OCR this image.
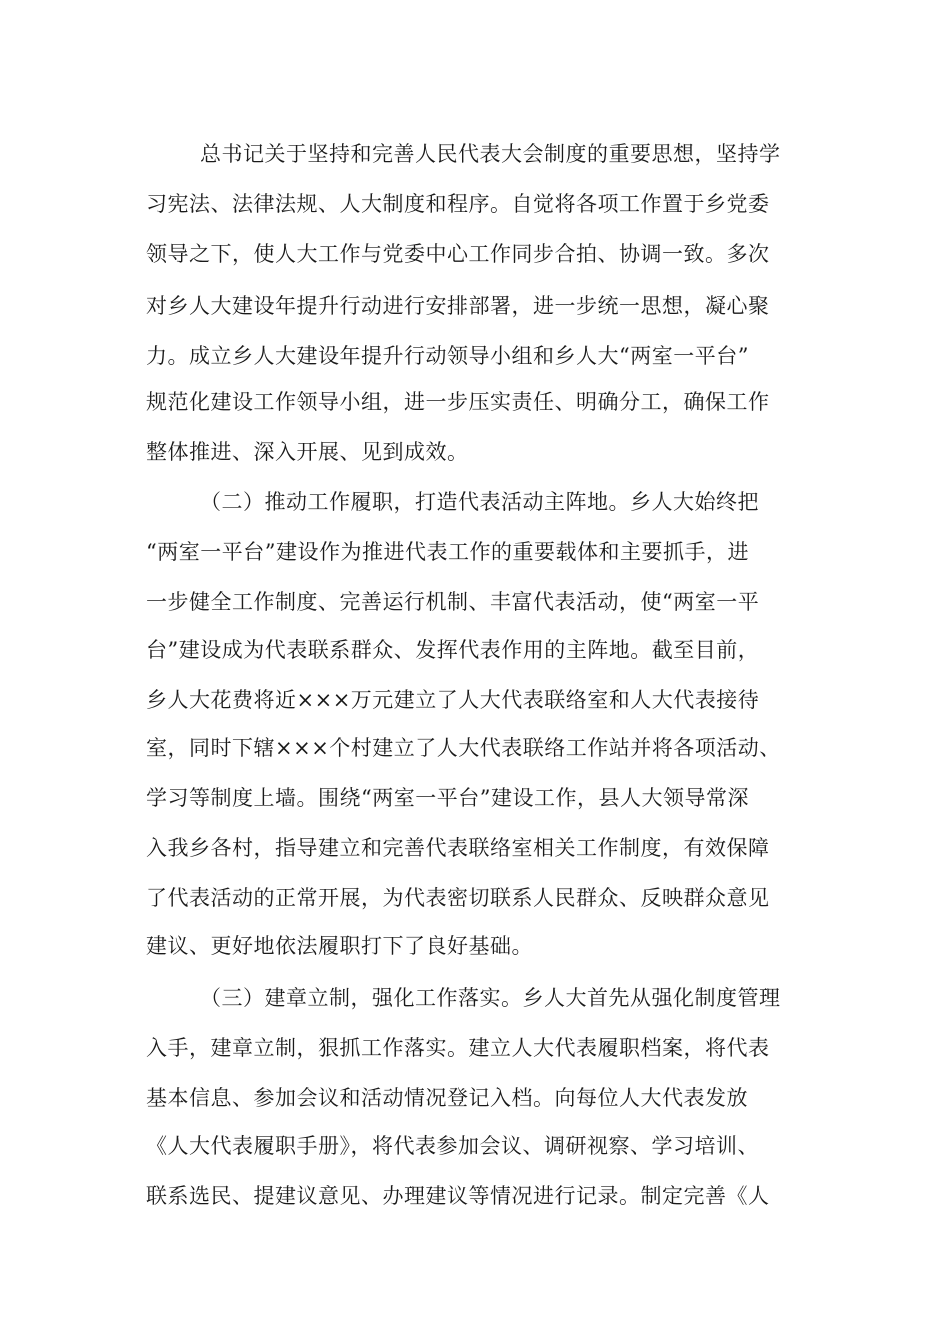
总书记关于坚持和完善人民代表大会制度的重要思想，坚持学
习宪法、法律法规、人大制度和程序。自觉将各项工作置于乡党委
领导之下，使人大工作与党委中心工作同步合拍、协调一致。多次
对乡人大建设年提升行动进行安排部署，进一步统一思想，凝心聚
力。成立乡人大建设年提升行动领导小组和乡人大“两室一平台”
规范化建设工作领导小组，进一步压实责任、明确分工，确保工作
整体推进、深入开展、见到成效。
（二）推动工作履职，打造代表活动主阵地。乡人大始终把
“两室一平台”建设作为推进代表工作的重要载体和主要抓手，进
一步健全工作制度、完善运行机制、丰富代表活动，使“两室一平
台”建设成为代表联系群众、发挥代表作用的主阵地。截至目前，
乡人大花费将近×××万元建立了人大代表联络室和人大代表接待
室，同时下辖×××个村建立了人大代表联络工作站并将各项活动、
学习等制度上墙。围绕“两室一平台”建设工作，县人大领导常深
入我乡各村，指导建立和完善代表联络室相关工作制度，有效保障
了代表活动的正常开展，为代表密切联系人民群众、反映群众意见
建议、更好地依法履职打下了良好基础。
（三）建章立制，强化工作落实。乡人大首先从强化制度管理
入手，建章立制，狠抓工作落实。建立人大代表履职档案，将代表
基本信息、参加会议和活动情况登记入档。向每位人大代表发放
《人大代表履职手册》，将代表参加会议、调研视察、学习培训、
联系选民、提建议意见、办理建议等情况进行记录。制定完善《人
